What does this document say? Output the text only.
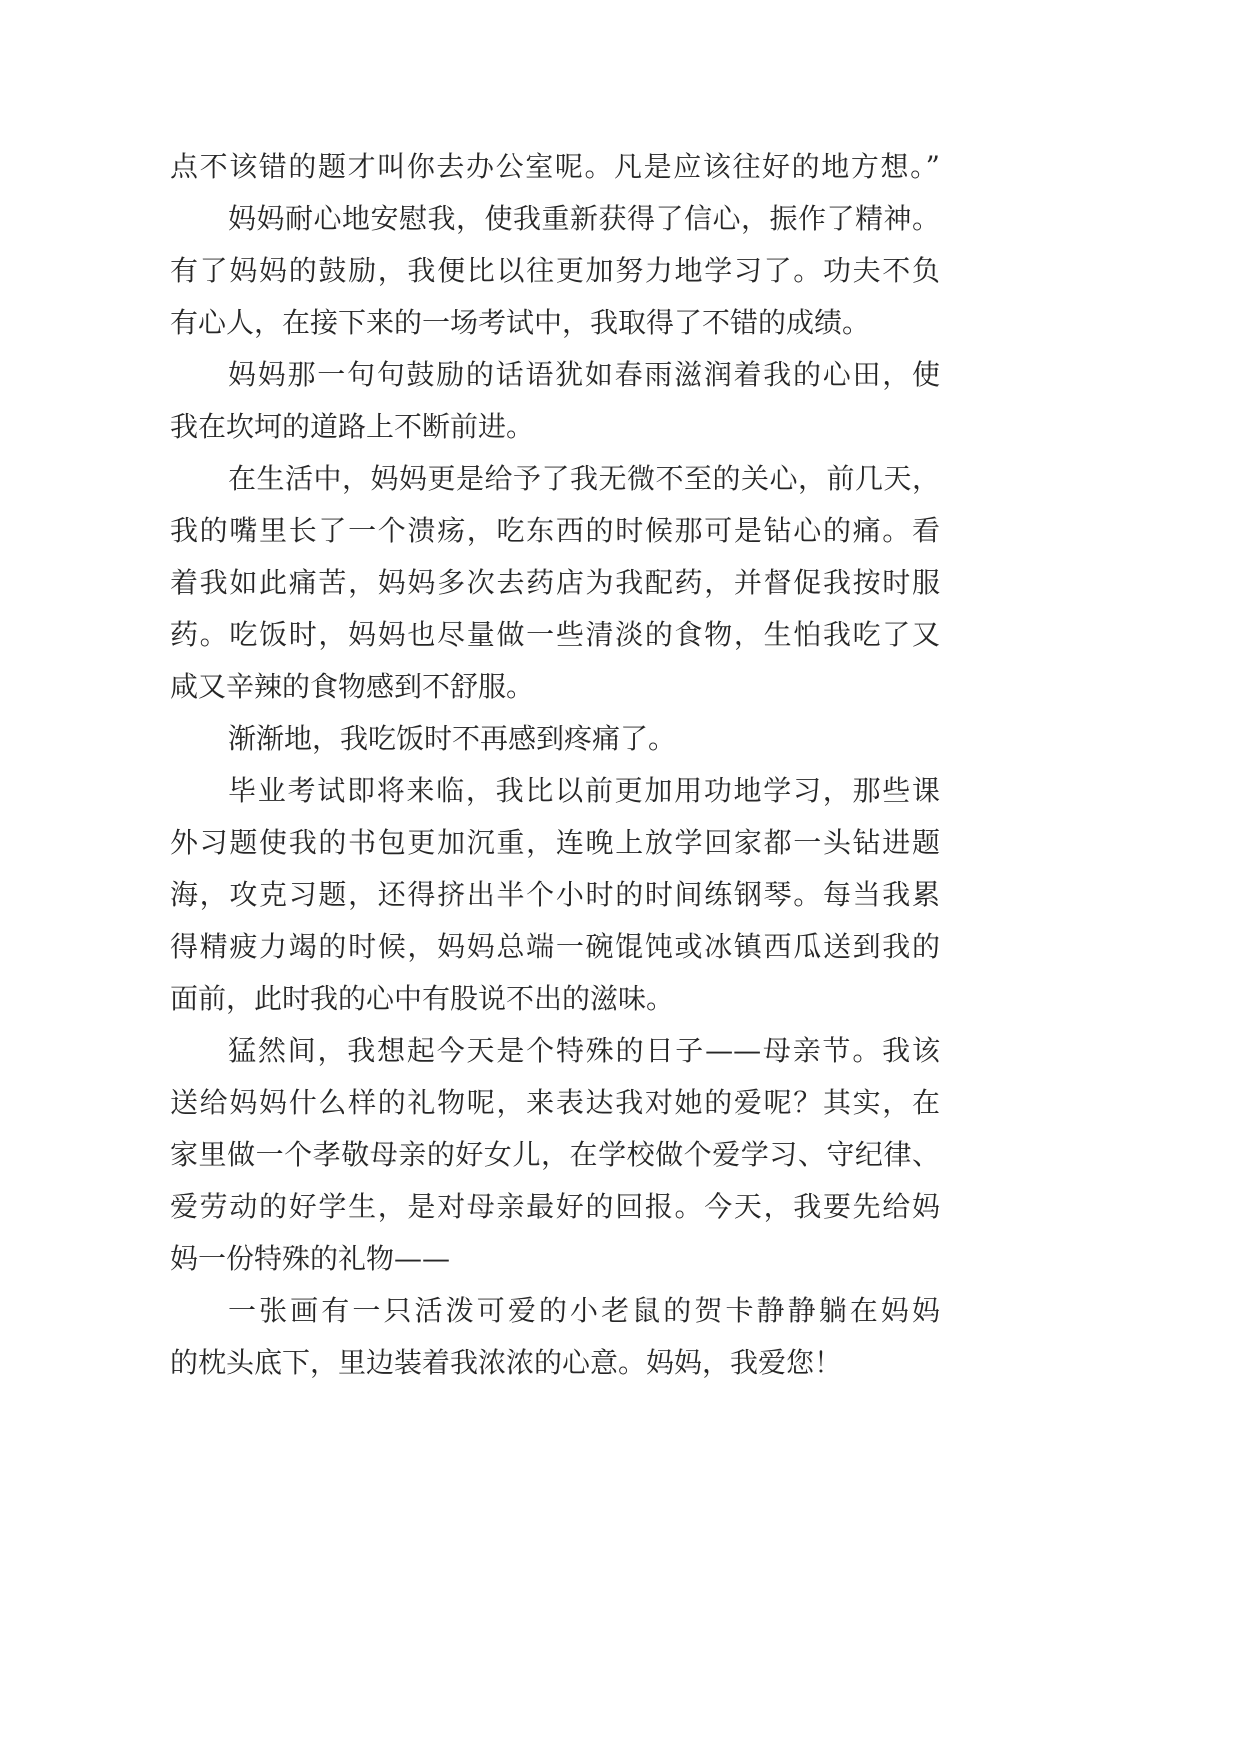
点不该错的题才叫你去办公室呢。凡是应该往好的地方想。”
妈妈耐心地安慰我，使我重新获得了信心，振作了精神。
有了妈妈的鼓励，我便比以往更加努力地学习了。功夫不负
有心人，在接下来的一场考试中，我取得了不错的成绩。
妈妈那一句句鼓励的话语犹如春雨滋润着我的心田，使
我在坎坷的道路上不断前进。
在生活中，妈妈更是给予了我无微不至的关心，前几天，
我的嘴里长了一个溃疡，吃东西的时候那可是钻心的痛。看
着我如此痛苦，妈妈多次去药店为我配药，并督促我按时服
药。吃饭时，妈妈也尽量做一些清淡的食物，生怕我吃了又
咸又辛辣的食物感到不舒服。
渐渐地，我吃饭时不再感到疼痛了。
毕业考试即将来临，我比以前更加用功地学习，那些课
外习题使我的书包更加沉重，连晚上放学回家都一头钻进题
海，攻克习题，还得挤出半个小时的时间练钢琴。每当我累
得精疲力竭的时候，妈妈总端一碗馄饨或冰镇西瓜送到我的
面前，此时我的心中有股说不出的滋味。
猛然间，我想起今天是个特殊的日子——母亲节。我该
送给妈妈什么样的礼物呢，来表达我对她的爱呢？其实，在
家里做一个孝敬母亲的好女儿，在学校做个爱学习、守纪律、
爱劳动的好学生，是对母亲最好的回报。今天，我要先给妈
妈一份特殊的礼物——
一张画有一只活泼可爱的小老鼠的贺卡静静躺在妈妈
的枕头底下，里边装着我浓浓的心意。妈妈，我爱您！
